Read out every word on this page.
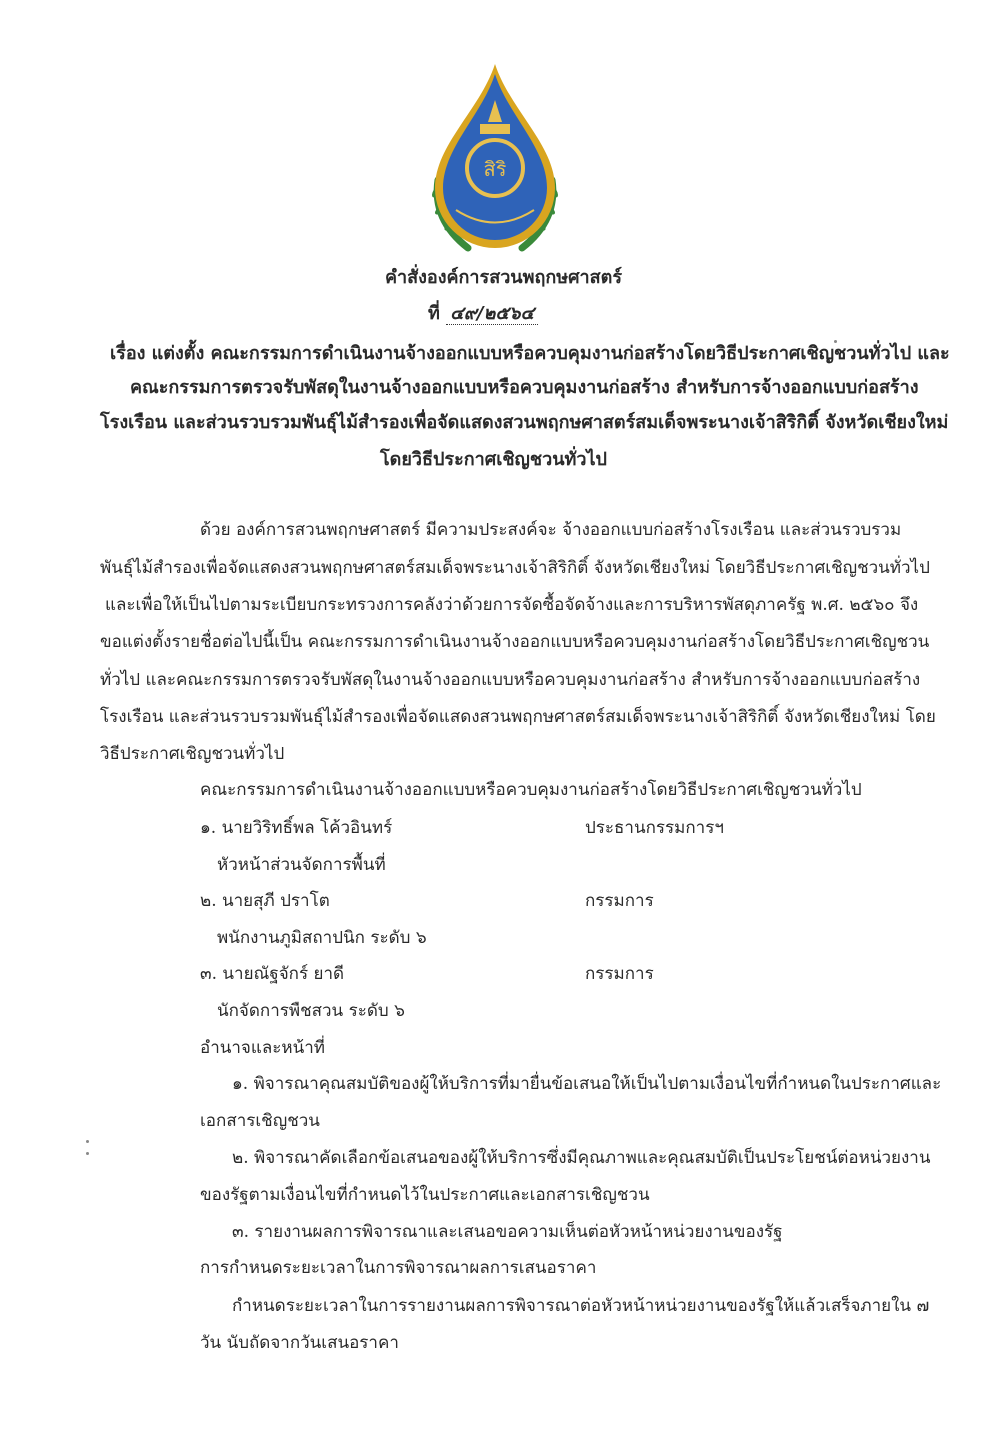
สิริ
คำสั่งองค์การสวนพฤกษศาสตร์
ที่ ๔๙/๒๕๖๔
เรื่อง แต่งตั้ง คณะกรรมการดำเนินงานจ้างออกแบบหรือควบคุมงานก่อสร้างโดยวิธีประกาศเชิญชวนทั่วไป และ
คณะกรรมการตรวจรับพัสดุในงานจ้างออกแบบหรือควบคุมงานก่อสร้าง สำหรับการจ้างออกแบบก่อสร้าง
โรงเรือน และส่วนรวบรวมพันธุ์ไม้สำรองเพื่อจัดแสดงสวนพฤกษศาสตร์สมเด็จพระนางเจ้าสิริกิติ์ จังหวัดเชียงใหม่
โดยวิธีประกาศเชิญชวนทั่วไป
ด้วย องค์การสวนพฤกษศาสตร์ มีความประสงค์จะ จ้างออกแบบก่อสร้างโรงเรือน และส่วนรวบรวม
พันธุ์ไม้สำรองเพื่อจัดแสดงสวนพฤกษศาสตร์สมเด็จพระนางเจ้าสิริกิติ์ จังหวัดเชียงใหม่ โดยวิธีประกาศเชิญชวนทั่วไป
และเพื่อให้เป็นไปตามระเบียบกระทรวงการคลังว่าด้วยการจัดซื้อจัดจ้างและการบริหารพัสดุภาครัฐ พ.ศ. ๒๕๖๐ จึง
ขอแต่งตั้งรายชื่อต่อไปนี้เป็น คณะกรรมการดำเนินงานจ้างออกแบบหรือควบคุมงานก่อสร้างโดยวิธีประกาศเชิญชวน
ทั่วไป และคณะกรรมการตรวจรับพัสดุในงานจ้างออกแบบหรือควบคุมงานก่อสร้าง สำหรับการจ้างออกแบบก่อสร้าง
โรงเรือน และส่วนรวบรวมพันธุ์ไม้สำรองเพื่อจัดแสดงสวนพฤกษศาสตร์สมเด็จพระนางเจ้าสิริกิติ์ จังหวัดเชียงใหม่ โดย
วิธีประกาศเชิญชวนทั่วไป
คณะกรรมการดำเนินงานจ้างออกแบบหรือควบคุมงานก่อสร้างโดยวิธีประกาศเชิญชวนทั่วไป
๑. นายวิริทธิ์พล โค้วอินทร์	ประธานกรรมการฯ
หัวหน้าส่วนจัดการพื้นที่
๒. นายสุภี ปราโต	กรรมการ
พนักงานภูมิสถาปนิก ระดับ ๖
๓. นายณัฐจักร์ ยาดี	กรรมการ
นักจัดการพืชสวน ระดับ ๖
อำนาจและหน้าที่
๑. พิจารณาคุณสมบัติของผู้ให้บริการที่มายื่นข้อเสนอให้เป็นไปตามเงื่อนไขที่กำหนดในประกาศและ
เอกสารเชิญชวน
๒. พิจารณาคัดเลือกข้อเสนอของผู้ให้บริการซึ่งมีคุณภาพและคุณสมบัติเป็นประโยชน์ต่อหน่วยงาน
ของรัฐตามเงื่อนไขที่กำหนดไว้ในประกาศและเอกสารเชิญชวน
๓. รายงานผลการพิจารณาและเสนอขอความเห็นต่อหัวหน้าหน่วยงานของรัฐ
การกำหนดระยะเวลาในการพิจารณาผลการเสนอราคา
กำหนดระยะเวลาในการรายงานผลการพิจารณาต่อหัวหน้าหน่วยงานของรัฐให้แล้วเสร็จภายใน ๗
วัน นับถัดจากวันเสนอราคา
